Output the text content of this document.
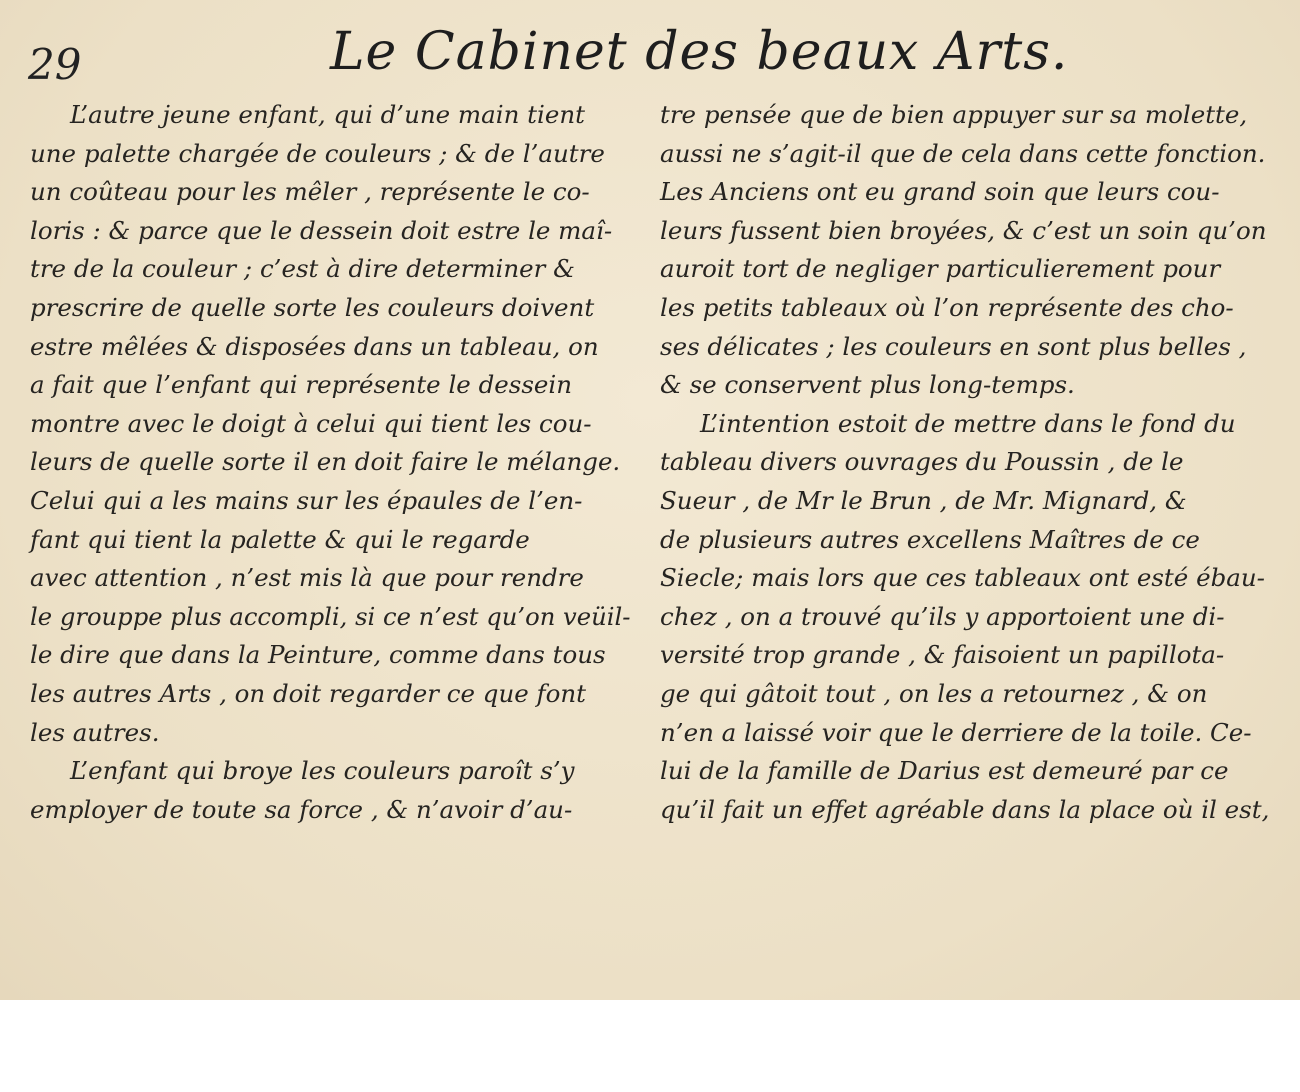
29	Le Cabinet des beaux Arts.
L’autre jeune enfant, qui d’une main tient
une palette chargée de couleurs ; & de l’autre
un coûteau pour les mêler , représente le co-
loris : & parce que le dessein doit estre le maî-
tre de la couleur ; c’est à dire determiner &
prescrire de quelle sorte les couleurs doivent
estre mêlées & disposées dans un tableau, on
a fait que l’enfant qui représente le dessein
montre avec le doigt à celui qui tient les cou-
leurs de quelle sorte il en doit faire le mélange.
Celui qui a les mains sur les épaules de l’en-
fant qui tient la palette & qui le regarde
avec attention , n’est mis là que pour rendre
le grouppe plus accompli, si ce n’est qu’on veüil-
le dire que dans la Peinture, comme dans tous
les autres Arts , on doit regarder ce que font
les autres.
L’enfant qui broye les couleurs paroît s’y
employer de toute sa force , & n’avoir d’au-
tre pensée que de bien appuyer sur sa molette,
aussi ne s’agit-il que de cela dans cette fonction.
Les Anciens ont eu grand soin que leurs cou-
leurs fussent bien broyées, & c’est un soin qu’on
auroit tort de negliger particulierement pour
les petits tableaux où l’on représente des cho-
ses délicates ; les couleurs en sont plus belles ,
& se conservent plus long-temps.
L’intention estoit de mettre dans le fond du
tableau divers ouvrages du Poussin , de le
Sueur , de Mr le Brun , de Mr. Mignard, &
de plusieurs autres excellens Maîtres de ce
Siecle; mais lors que ces tableaux ont esté ébau-
chez , on a trouvé qu’ils y apportoient une di-
versité trop grande , & faisoient un papillota-
ge qui gâtoit tout , on les a retournez , & on
n’en a laissé voir que le derriere de la toile. Ce-
lui de la famille de Darius est demeuré par ce
qu’il fait un effet agréable dans la place où il est,
